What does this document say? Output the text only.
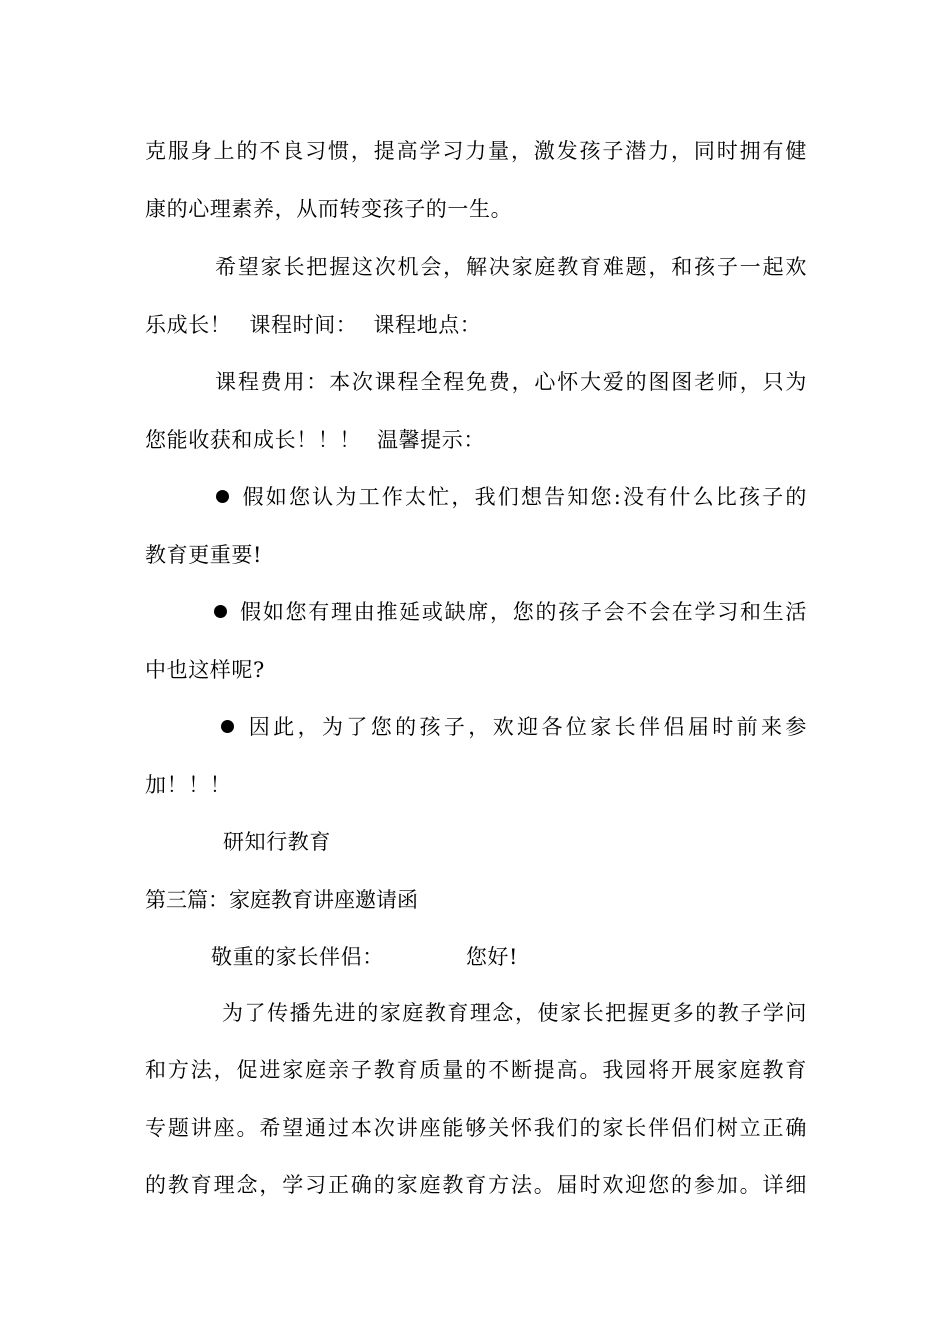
克服身上的不良习惯，提高学习力量，激发孩子潜力，同时拥有健
康的心理素养，从而转变孩子的一生。
希望家长把握这次机会，解决家庭教育难题，和孩子一起欢
乐成长！ 课程时间： 课程地点：
课程费用：本次课程全程免费，心怀大爱的图图老师，只为
您能收获和成长！！！ 温馨提示：
假如您认为工作太忙，我们想告知您:没有什么比孩子的
教育更重要!
假如您有理由推延或缺席，您的孩子会不会在学习和生活
中也这样呢?
因此，为了您的孩子，欢迎各位家长伴侣届时前来参
加！！！
研知行教育
第三篇：家庭教育讲座邀请函
敬重的家长伴侣：	您好!
为了传播先进的家庭教育理念，使家长把握更多的教子学问
和方法，促进家庭亲子教育质量的不断提高。我园将开展家庭教育
专题讲座。希望通过本次讲座能够关怀我们的家长伴侣们树立正确
的教育理念，学习正确的家庭教育方法。届时欢迎您的参加。详细
